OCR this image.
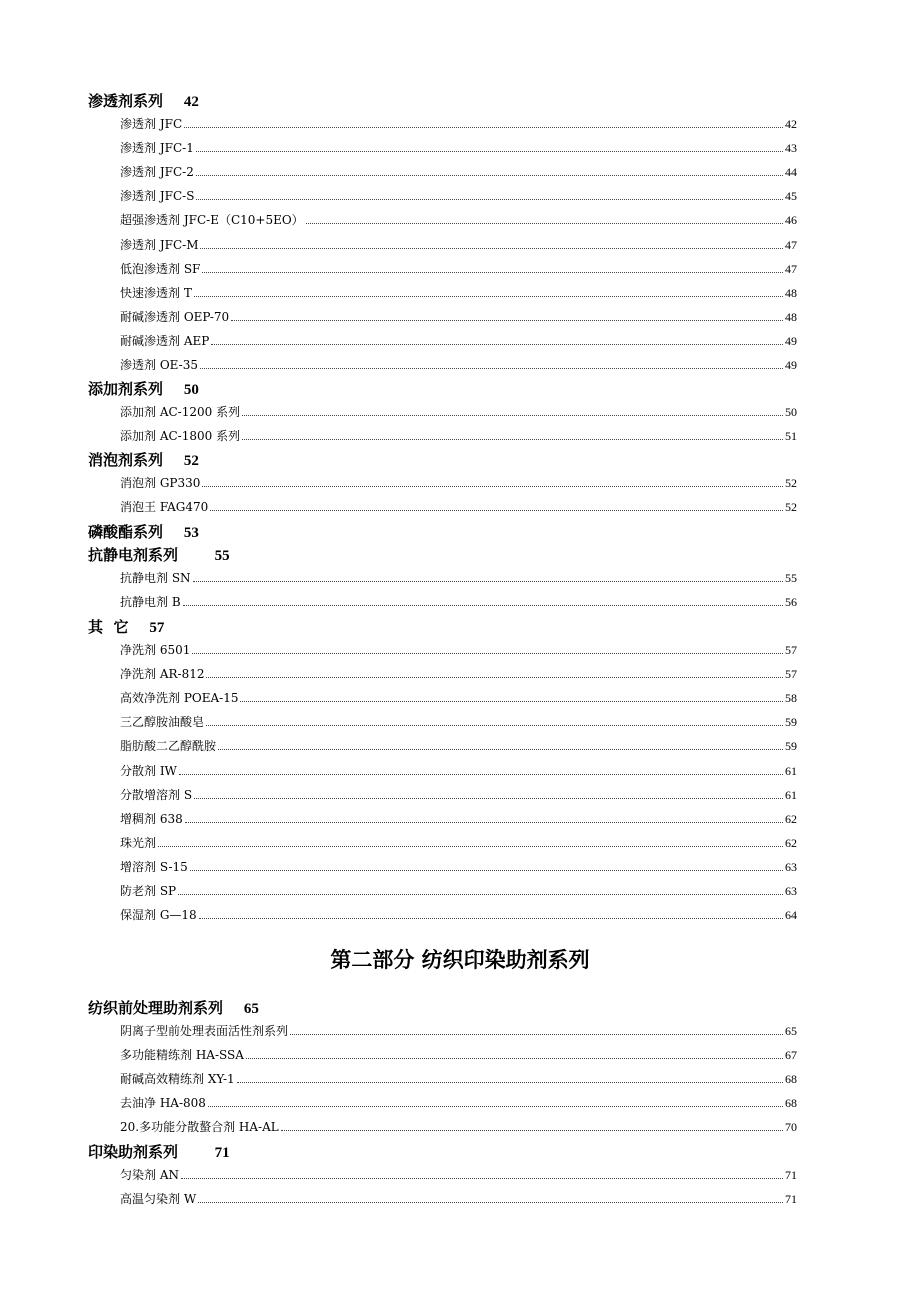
第二部分 纺织印染助剂系列
渗透剂系列 42
渗透剂 JFC	42
渗透剂 JFC-1	43
渗透剂 JFC-2	44
渗透剂 JFC-S	45
超强渗透剂 JFC-E（C10+5EO）	46
渗透剂 JFC-M	47
低泡渗透剂 SF	47
快速渗透剂 T	48
耐碱渗透剂 OEP-70	48
耐碱渗透剂 AEP	49
渗透剂 OE-35	49
添加剂系列 50
添加剂 AC-1200 系列	50
添加剂 AC-1800 系列	51
消泡剂系列 52
消泡剂 GP330	52
消泡王 FAG470	52
磷酸酯系列 53
抗静电剂系列 55
抗静电剂 SN	55
抗静电剂 B	56
其  它 57
净洗剂 6501	57
净洗剂 AR-812	57
高效净洗剂 POEA-15	58
三乙醇胺油酸皂	59
脂肪酸二乙醇酰胺	59
分散剂 IW	61
分散增溶剂 S	61
增稠剂 638	62
珠光剂	62
增溶剂 S-15	63
防老剂 SP	63
保湿剂 G—18	64
纺织前处理助剂系列 65
阴离子型前处理表面活性剂系列	65
多功能精练剂 HA-SSA	67
耐碱高效精练剂 XY-1	68
去油净 HA-808	68
20.多功能分散螯合剂 HA-AL	70
印染助剂系列 71
匀染剂 AN	71
高温匀染剂 W	71
